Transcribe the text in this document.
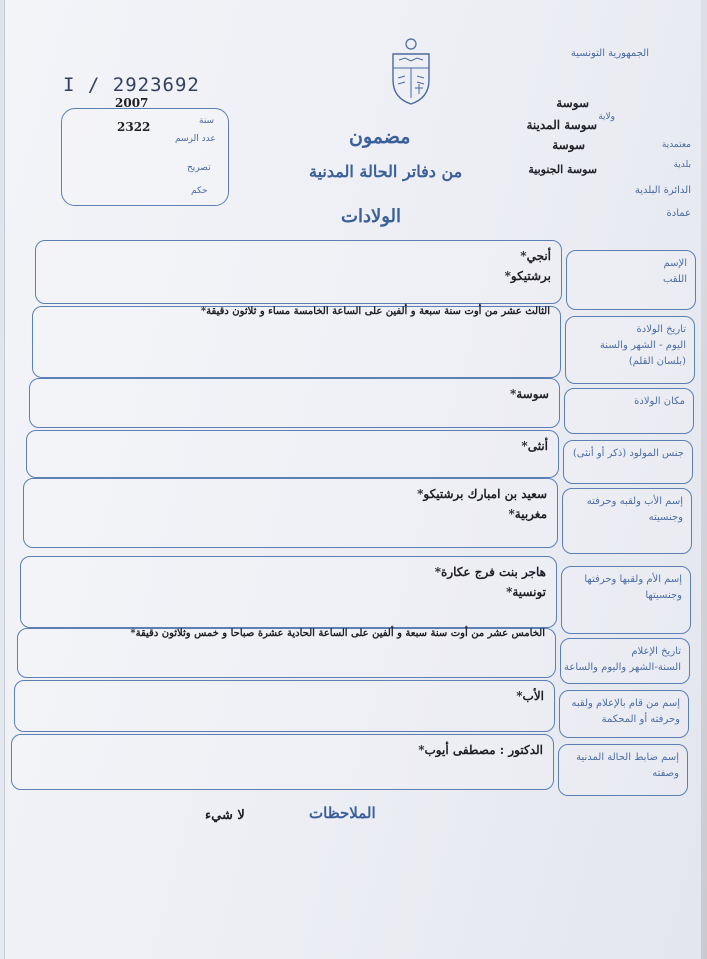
الجمهورية التونسية
ولاية
سوسة
معتمدية
سوسة المدينة
سوسة
بلدية
سوسة الجنوبية
الدائرة البلدية
عمادة
I / 2923692
2007
سنة
2322
عدد الرسم
تصريح
حكم
مضمون
من دفاتر الحالة المدنية
الولادات
الإسم
اللقب
أنجي*
برشتيكو*
تاريخ الولادة
اليوم - الشهر والسنة
(بلسان القلم)
الثالث عشر من أوت سنة سبعة و ألفين على الساعة الخامسة مساء و ثلاثون دقيقة*
مكان الولادة
سوسة*
جنس المولود (ذكر أو أنثى)
أنثى*
إسم الأب ولقبه وحرفته
وجنسيته
سعيد بن امبارك برشتيكو*
مغربية*
إسم الأم ولقبها وحرفتها
وجنسيتها
هاجر بنت فرج عكارة*
تونسية*
تاريخ الإعلام
السنة-الشهر واليوم والساعة
الخامس عشر من أوت سنة سبعة و ألفين على الساعة الحادية عشرة صباحا و خمس وثلاثون دقيقة*
إسم من قام بالإعلام ولقبه
وحرفته أو المحكمة
الأب*
إسم ضابط الحالة المدنية
وصفته
الدكتور : مصطفى أيوب*
الملاحظات
لا شيء
